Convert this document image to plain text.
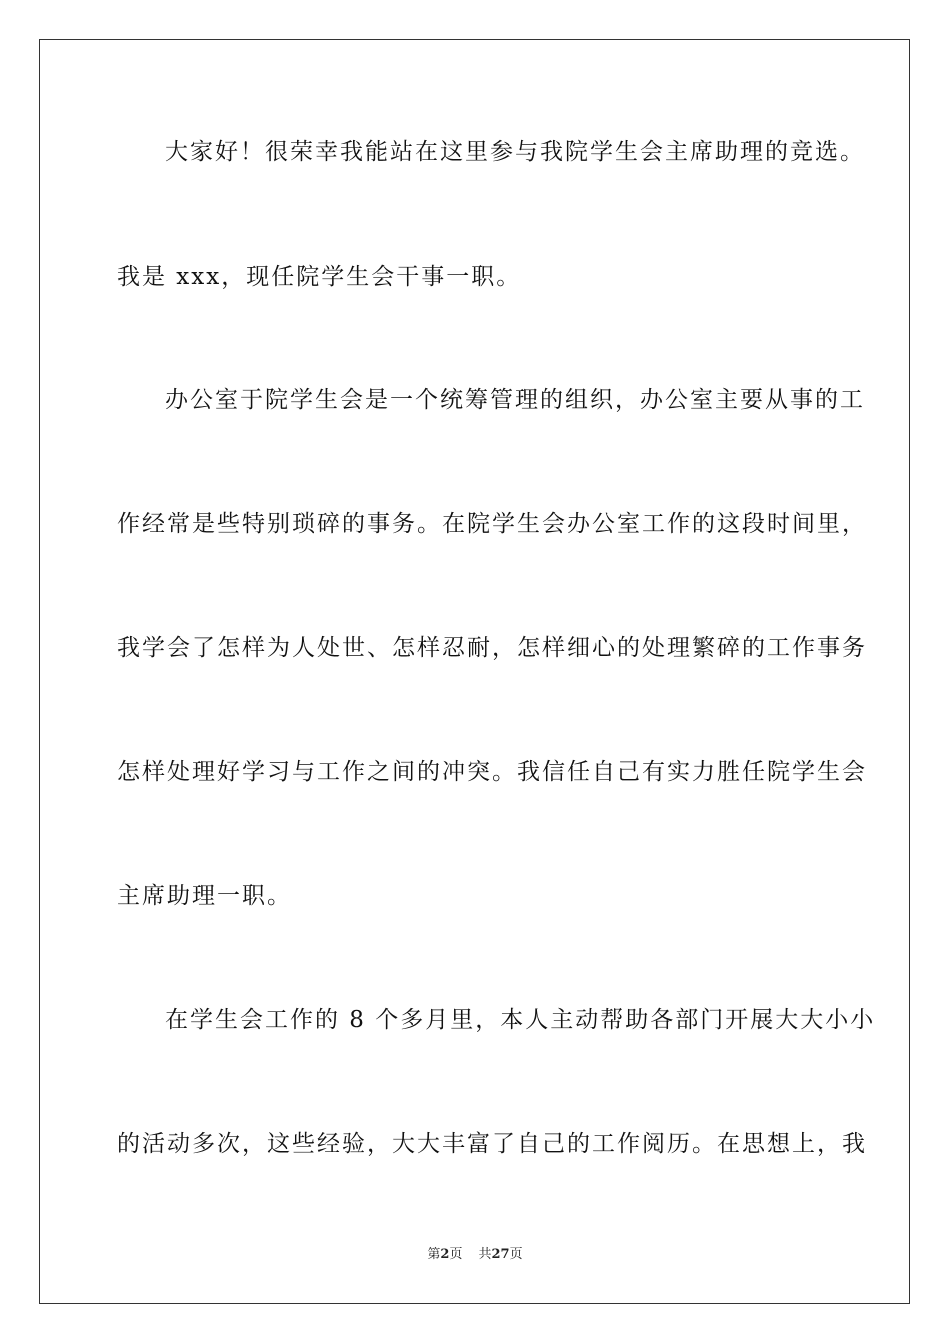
大家好！很荣幸我能站在这里参与我院学生会主席助理的竞选。
我是 xxx，现任院学生会干事一职。
办公室于院学生会是一个统筹管理的组织，办公室主要从事的工
作经常是些特别琐碎的事务。在院学生会办公室工作的这段时间里，
我学会了怎样为人处世、怎样忍耐，怎样细心的处理繁碎的工作事务
怎样处理好学习与工作之间的冲突。我信任自己有实力胜任院学生会
主席助理一职。
在学生会工作的 8 个多月里，本人主动帮助各部门开展大大小小
的活动多次，这些经验，大大丰富了自己的工作阅历。在思想上，我
第2页 共27页
